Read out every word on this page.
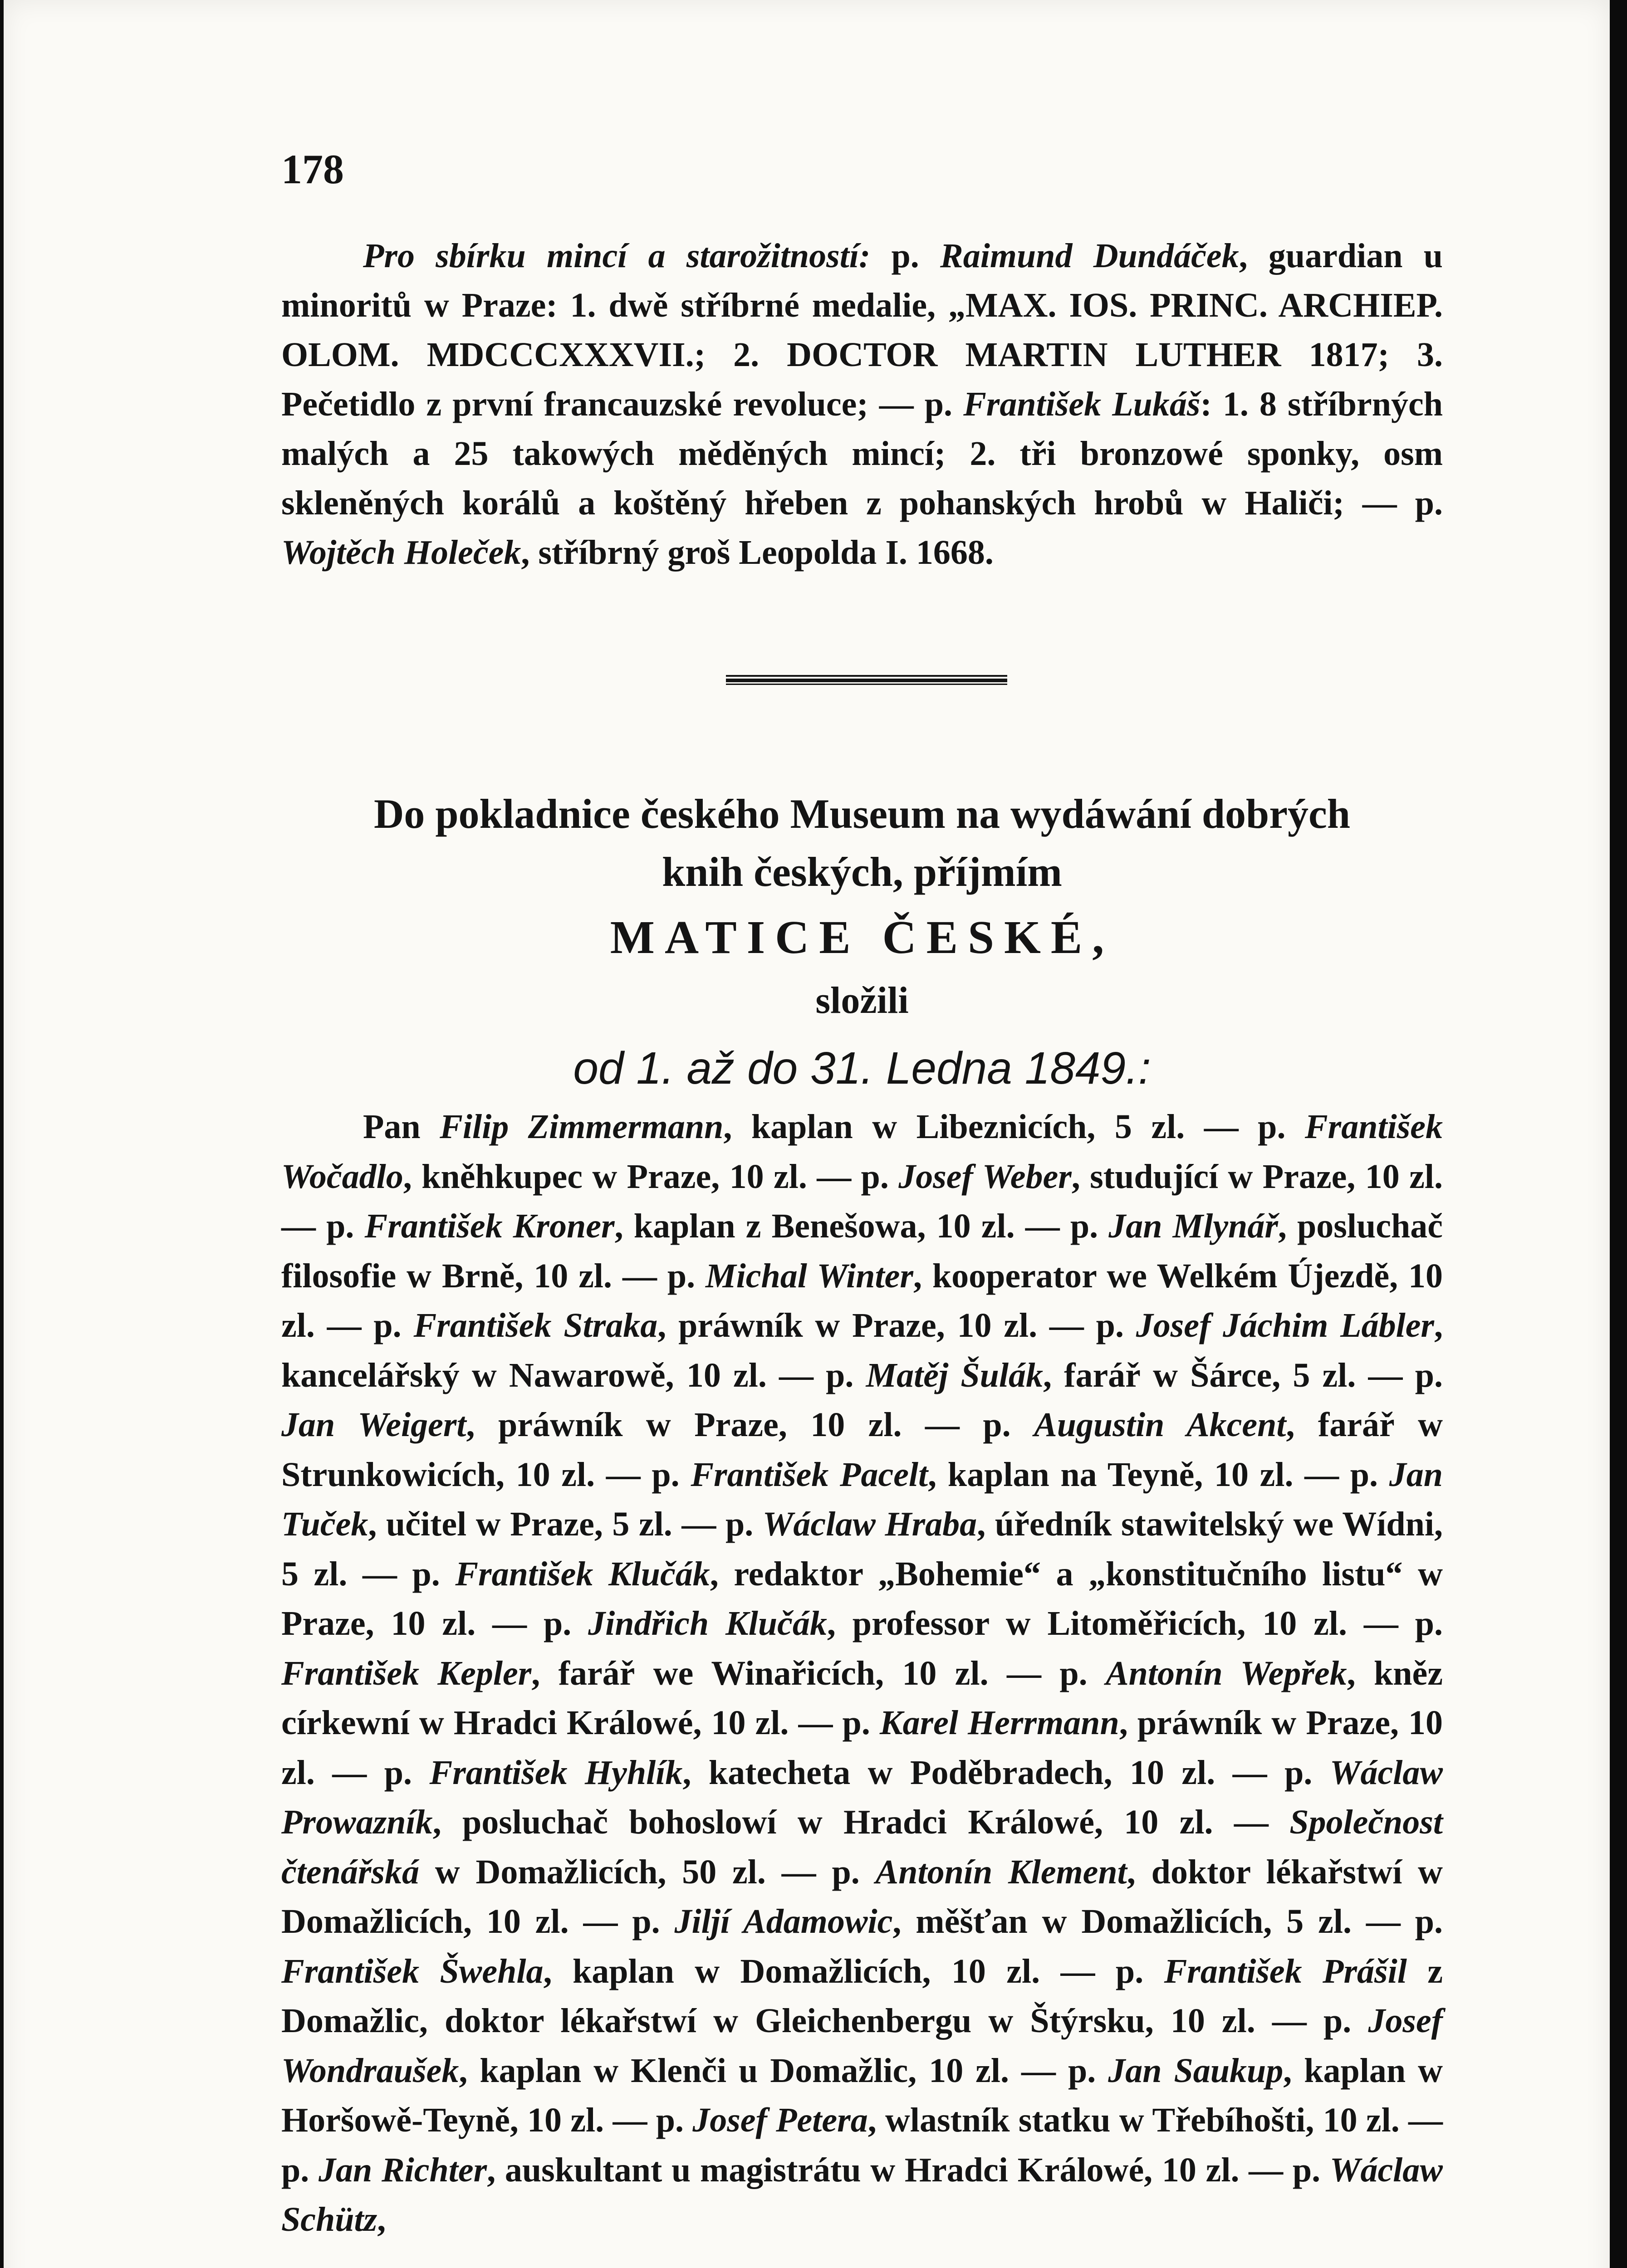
178
Pro sbírku mincí a starožitností: p. Raimund Dundáček, guardian u minoritů w Praze: 1. dwě stříbrné medalie, „MAX. IOS. PRINC. ARCHIEP. OLOM. MDCCCXXXVII.; 2. DOCTOR MARTIN LUTHER 1817; 3. Pečetidlo z první francauzské revoluce; — p. František Lukáš: 1. 8 stříbrných malých a 25 takowých měděných mincí; 2. tři bronzowé sponky, osm skleněných korálů a koštěný hřeben z pohanských hrobů w Haliči; — p. Wojtěch Holeček, stříbrný groš Leopolda I. 1668.
Do pokladnice českého Museum na wydáwání dobrých
knih českých, příjmím
MATICE ČESKÉ,
složili
od 1. až do 31. Ledna 1849.:
Pan Filip Zimmermann, kaplan w Libeznicích, 5 zl. — p. František Wočadlo, kněhkupec w Praze, 10 zl. — p. Josef Weber, studující w Praze, 10 zl. — p. František Kroner, kaplan z Benešowa, 10 zl. — p. Jan Mlynář, posluchač filosofie w Brně, 10 zl. — p. Michal Winter, kooperator we Welkém Újezdě, 10 zl. — p. František Straka, práwník w Praze, 10 zl. — p. Josef Jáchim Lábler, kancelářský w Nawarowě, 10 zl. — p. Matěj Šulák, farář w Šárce, 5 zl. — p. Jan Weigert, práwník w Praze, 10 zl. — p. Augustin Akcent, farář w Strunkowicích, 10 zl. — p. František Pacelt, kaplan na Teyně, 10 zl. — p. Jan Tuček, učitel w Praze, 5 zl. — p. Wáclaw Hraba, úředník stawitelský we Wídni, 5 zl. — p. František Klučák, redaktor „Bohemie“ a „konstitučního listu“ w Praze, 10 zl. — p. Jindřich Klučák, professor w Litoměřicích, 10 zl. — p. František Kepler, farář we Winařicích, 10 zl. — p. Antonín Wepřek, kněz církewní w Hradci Králowé, 10 zl. — p. Karel Herrmann, práwník w Praze, 10 zl. — p. František Hyhlík, katecheta w Poděbradech, 10 zl. — p. Wáclaw Prowazník, posluchač bohoslowí w Hradci Králowé, 10 zl. — Společnost čtenářská w Domažlicích, 50 zl. — p. Antonín Klement, doktor lékařstwí w Domažlicích, 10 zl. — p. Jiljí Adamowic, měšťan w Domažlicích, 5 zl. — p. František Šwehla, kaplan w Domažlicích, 10 zl. — p. František Prášil z Domažlic, doktor lékařstwí w Gleichenbergu w Štýrsku, 10 zl. — p. Josef Wondraušek, kaplan w Klenči u Domažlic, 10 zl. — p. Jan Saukup, kaplan w Horšowě-Teyně, 10 zl. — p. Josef Petera, wlastník statku w Třebíhošti, 10 zl. — p. Jan Richter, auskultant u magistrátu w Hradci Králowé, 10 zl. — p. Wáclaw Schütz,
